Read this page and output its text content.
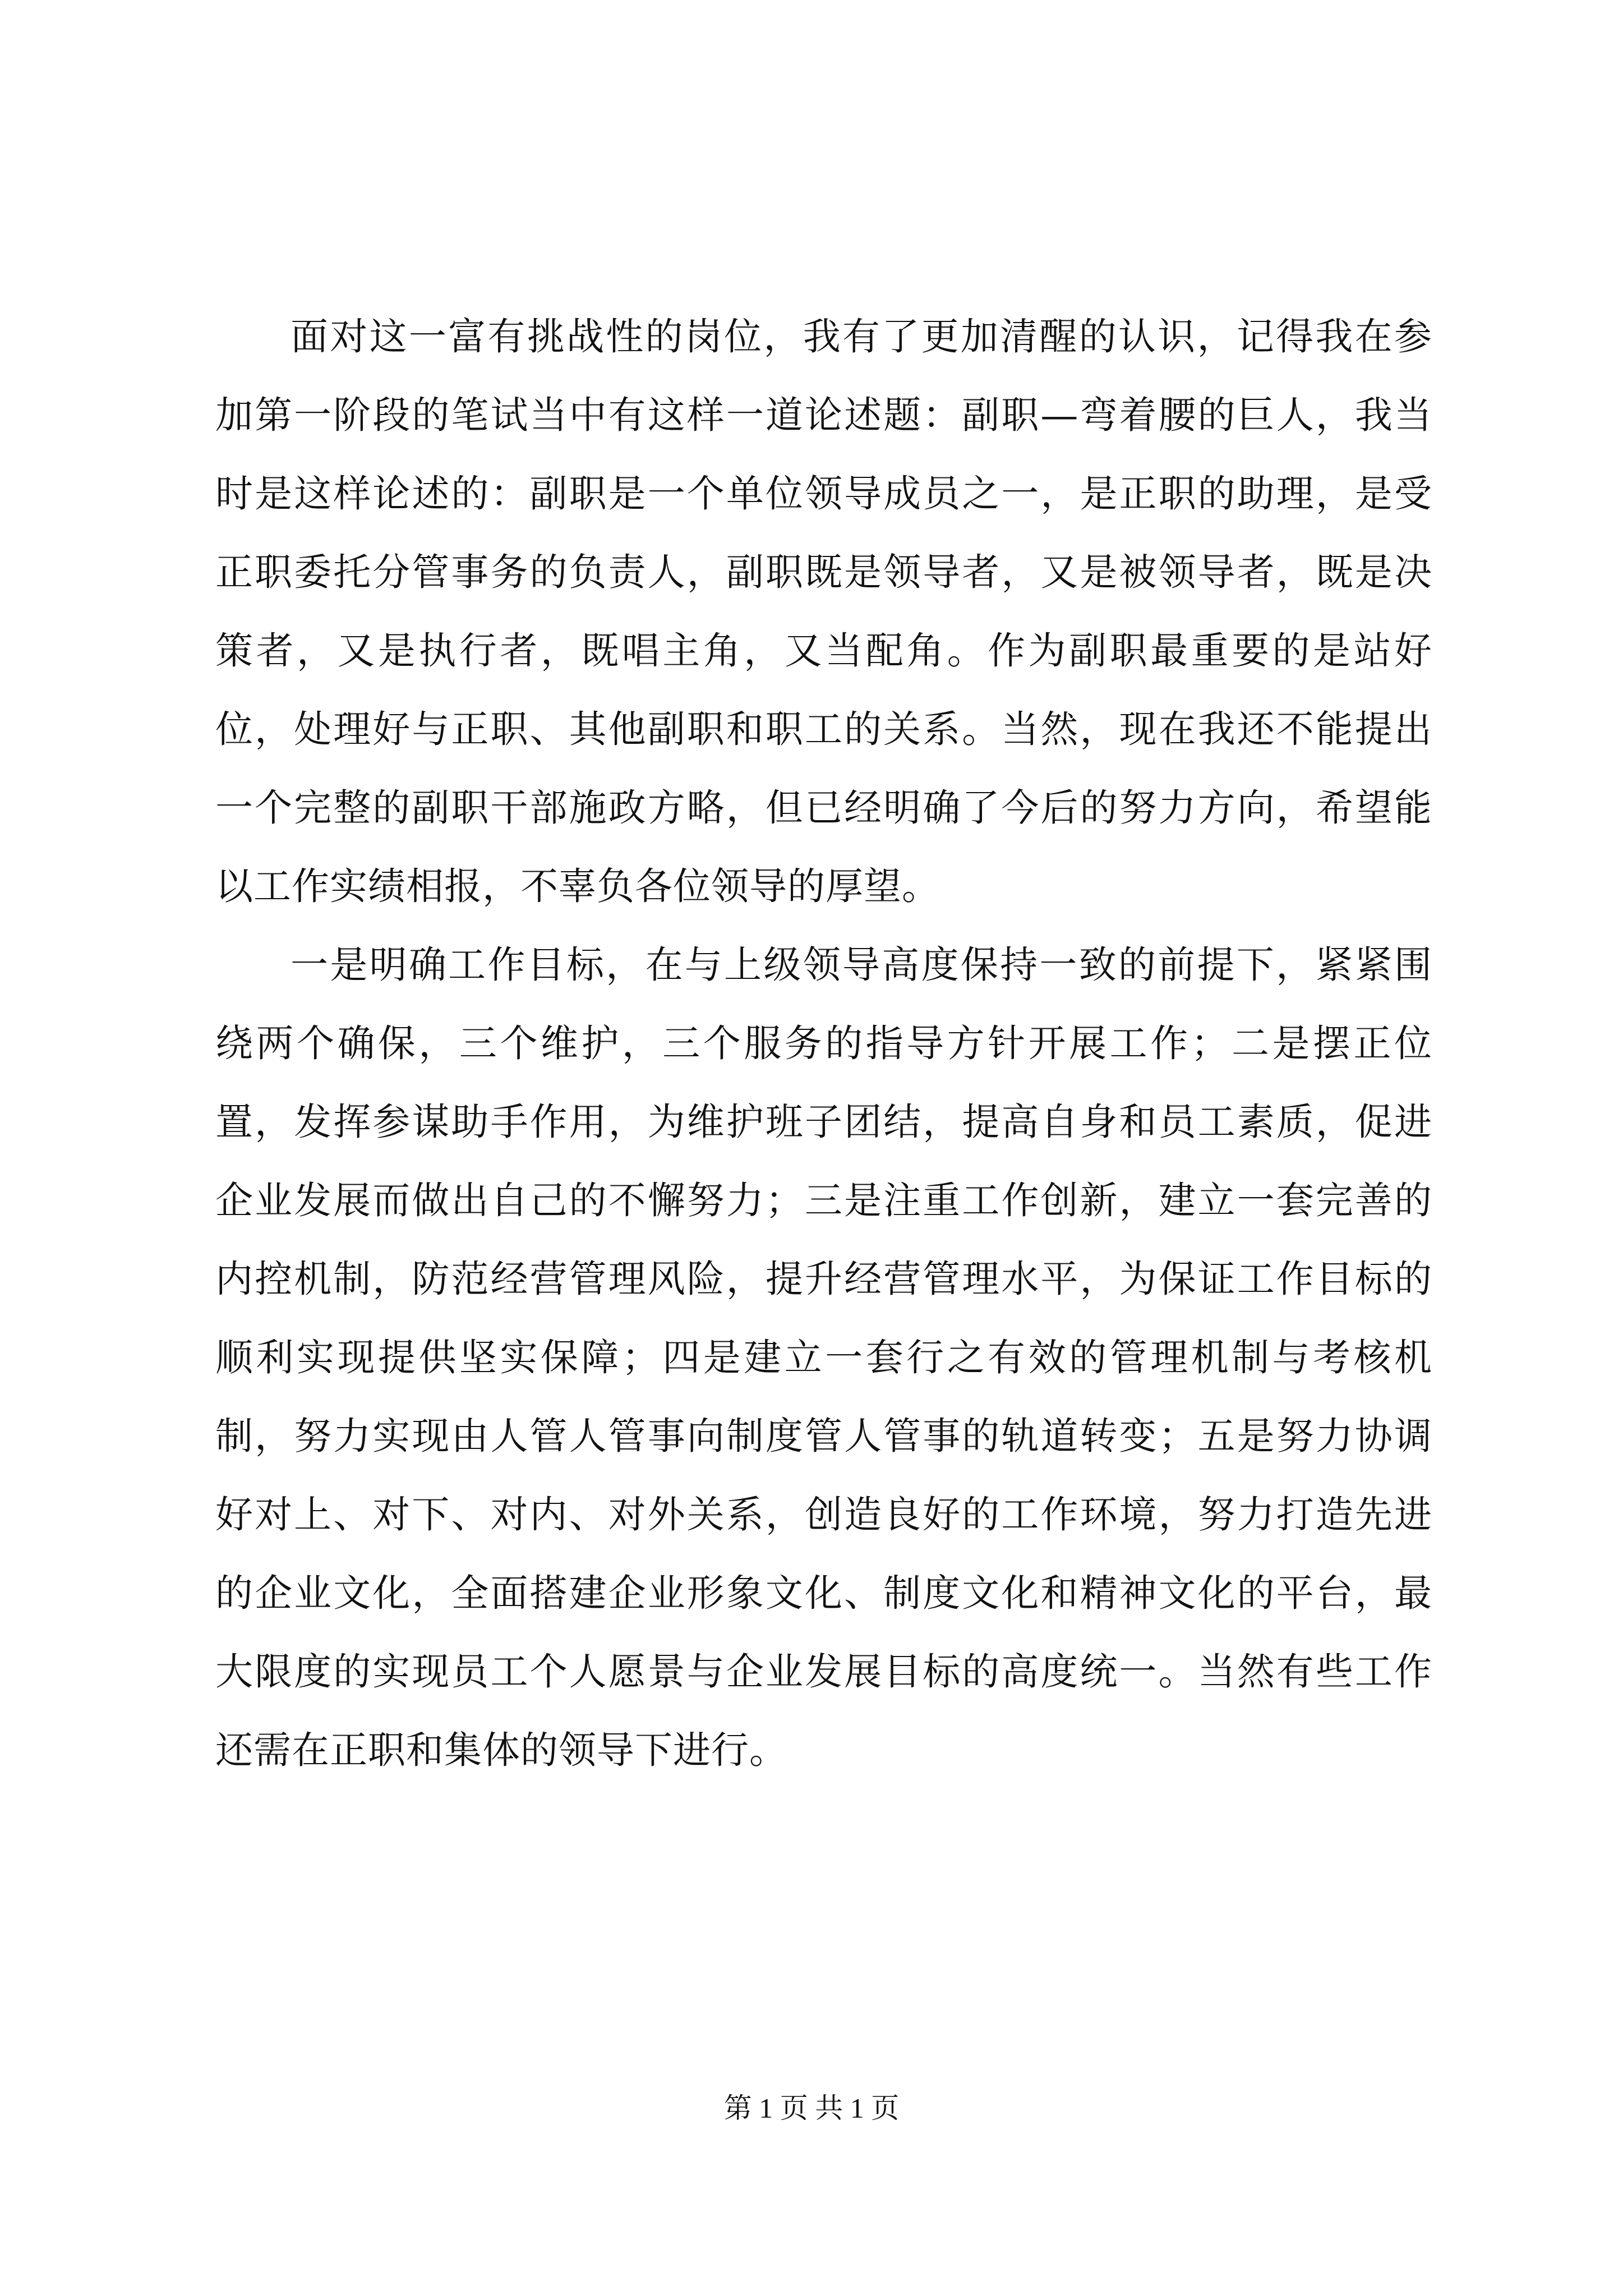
面对这一富有挑战性的岗位，我有了更加清醒的认识，记得我在参加第一阶段的笔试当中有这样一道论述题：副职—弯着腰的巨人，我当时是这样论述的：副职是一个单位领导成员之一，是正职的助理，是受正职委托分管事务的负责人，副职既是领导者，又是被领导者，既是决策者，又是执行者，既唱主角，又当配角。作为副职最重要的是站好位，处理好与正职、其他副职和职工的关系。当然，现在我还不能提出一个完整的副职干部施政方略，但已经明确了今后的努力方向，希望能以工作实绩相报，不辜负各位领导的厚望。

一是明确工作目标，在与上级领导高度保持一致的前提下，紧紧围绕两个确保，三个维护，三个服务的指导方针开展工作；二是摆正位置，发挥参谋助手作用，为维护班子团结，提高自身和员工素质，促进企业发展而做出自己的不懈努力；三是注重工作创新，建立一套完善的内控机制，防范经营管理风险，提升经营管理水平，为保证工作目标的顺利实现提供坚实保障；四是建立一套行之有效的管理机制与考核机制，努力实现由人管人管事向制度管人管事的轨道转变；五是努力协调好对上、对下、对内、对外关系，创造良好的工作环境，努力打造先进的企业文化，全面搭建企业形象文化、制度文化和精神文化的平台，最大限度的实现员工个人愿景与企业发展目标的高度统一。当然有些工作还需在正职和集体的领导下进行。

第 1 页 共 1 页
